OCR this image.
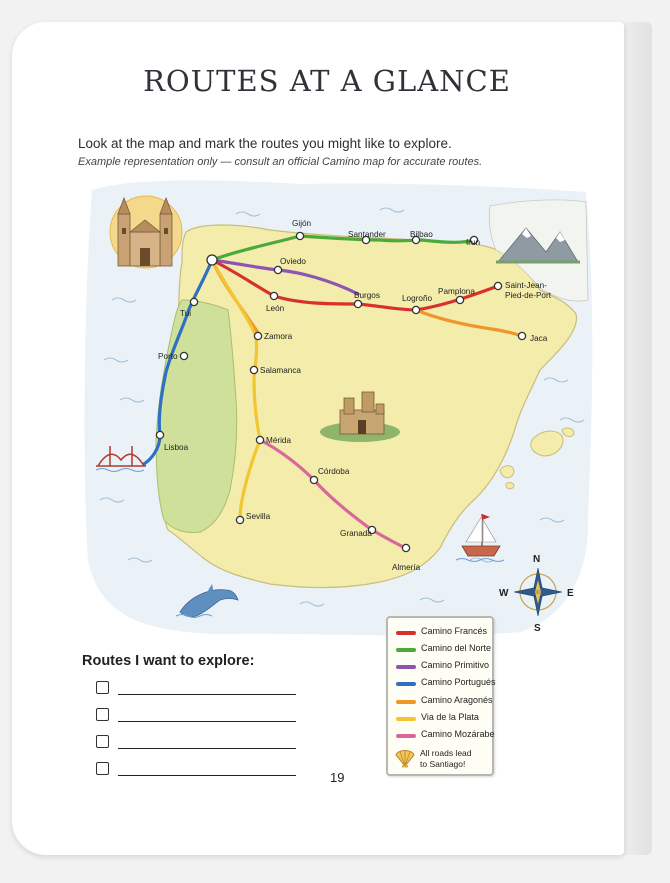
ROUTES AT A GLANCE
Look at the map and mark the routes you might like to explore.
Example representation only — consult an official Camino map for accurate routes.
Gijón
Santander	Bilbao
Irun
Oviedo
Burgos	Logroño
Pamplona
Saint-Jean-
Pied-de-Port
León
Tui
Porto
Lisboa
Zamora
Salamanca
Mérida
Sevilla
Córdoba
Granada
Almería
Jaca
N
S
W	E
Camino Francés
Camino del Norte
Camino Primitivo
Camino Portugués
Camino Aragonés
Via de la Plata
Camino Mozárabe
All roads lead
to Santiago!
Routes I want to explore:
19
